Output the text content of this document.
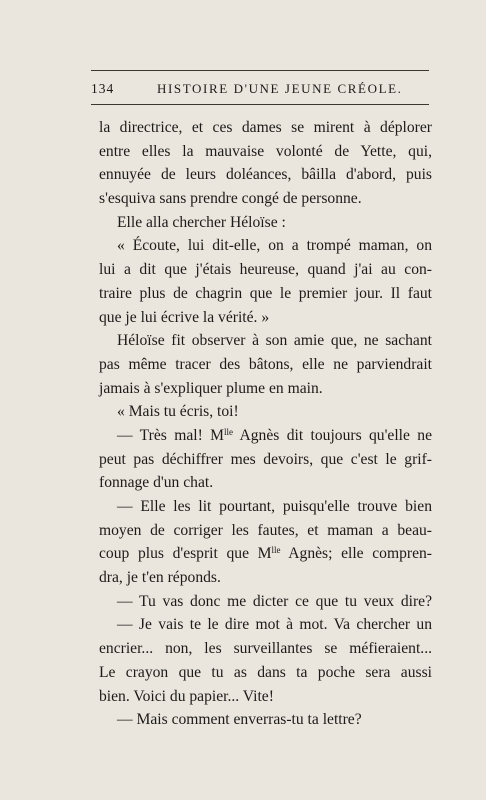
134	HISTOIRE D'UNE JEUNE CRÉOLE.
la directrice, et ces dames se mirent à déplorer
entre elles la mauvaise volonté de Yette, qui,
ennuyée de leurs doléances, bâilla d'abord, puis
s'esquiva sans prendre congé de personne.
Elle alla chercher Héloïse :
« Écoute, lui dit-elle, on a trompé maman, on
lui a dit que j'étais heureuse, quand j'ai au con-
traire plus de chagrin que le premier jour. Il faut
que je lui écrive la vérité. »
Héloïse fit observer à son amie que, ne sachant
pas même tracer des bâtons, elle ne parviendrait
jamais à s'expliquer plume en main.
« Mais tu écris, toi!
— Très mal! $M^{lle}$ Agnès dit toujours qu'elle ne
peut pas déchiffrer mes devoirs, que c'est le grif-
fonnage d'un chat.
— Elle les lit pourtant, puisqu'elle trouve bien
moyen de corriger les fautes, et maman a beau-
coup plus d'esprit que $M^{lle}$ Agnès; elle compren-
dra, je t'en réponds.
— Tu vas donc me dicter ce que tu veux dire?
— Je vais te le dire mot à mot. Va chercher un
encrier... non, les surveillantes se méfieraient...
Le crayon que tu as dans ta poche sera aussi
bien. Voici du papier... Vite!
— Mais comment enverras-tu ta lettre?
